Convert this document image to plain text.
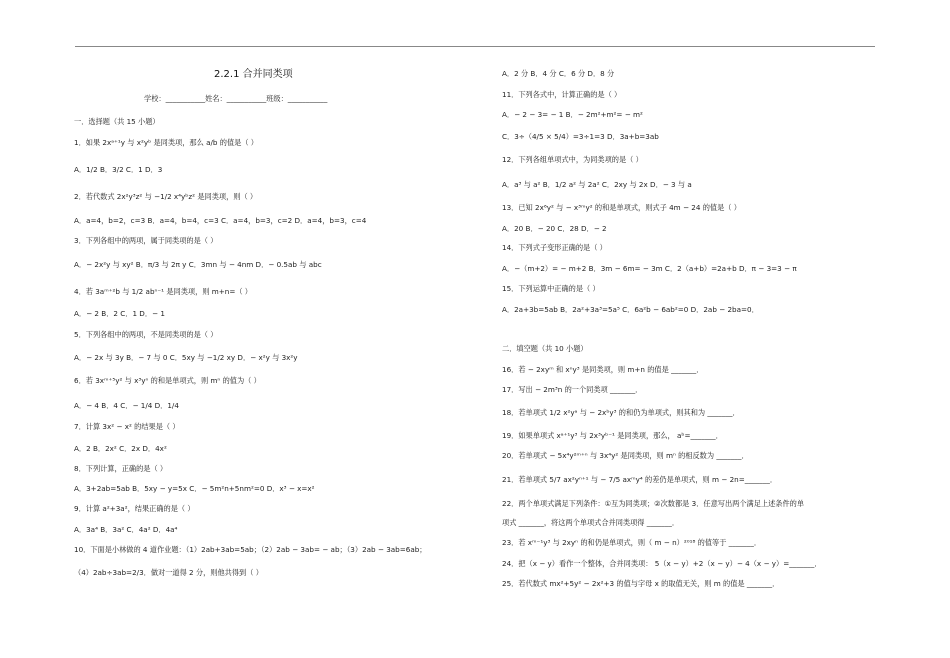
2.2.1 合并同类项
学校：___________姓名：___________班级：___________
一．选择题（共 15 小题）
1．如果 2xᵃ⁺¹y 与 x²yᵇ 是同类项，那么 a/b 的值是（ ）
A．1/2 B．3/2 C．1 D．3
2．若代数式 2x²y³z² 与 −1/2 x⁴yᵇz² 是同类项，则（ ）
A．a=4，b=2，c=3 B．a=4，b=4，c=3 C．a=4，b=3，c=2 D．a=4，b=3，c=4
3．下列各组中的两项，属于同类项的是（ ）
A．− 2x²y 与 xy² B．π/3 与 2π y C．3mn 与 − 4nm D．− 0.5ab 与 abc
4．若 3aᵐ⁺²b 与 1/2 abⁿ⁻¹ 是同类项，则 m+n=（ ）
A．− 2 B．2 C．1 D．− 1
5．下列各组中的两项，不是同类项的是（ ）
A．− 2x 与 3y B．− 7 与 0 C．5xy 与 −1/2 xy D．− x²y 与 3x²y
6．若 3xᵐ⁺⁵y² 与 x³yⁿ 的和是单项式，则 mⁿ 的值为（ ）
A．− 4 B．4 C．− 1/4 D．1/4
7．计算 3x² − x² 的结果是（ ）
A．2 B．2x² C．2x D．4x²
8．下列计算，正确的是（ ）
A．3+2ab=5ab B．5xy − y=5x C．− 5m²n+5nm²=0 D．x³ − x=x²
9．计算 a²+3a²，结果正确的是（ ）
A．3a⁴ B．3a² C．4a² D．4a⁴
10．下面是小林做的 4 道作业题：（1）2ab+3ab=5ab；（2）2ab − 3ab= − ab；（3）2ab − 3ab=6ab；
（4）2ab÷3ab=2/3．做对一道得 2 分，则他共得到（ ）
A．2 分 B．4 分 C．6 分 D．8 分
11．下列各式中，计算正确的是（ ）
A．− 2 − 3= − 1 B．− 2m²+m²= − m²
C．3÷（4/5 × 5/4）=3÷1=3 D．3a+b=3ab
12．下列各组单项式中，为同类项的是（ ）
A．a³ 与 a² B．1/2 a² 与 2a² C．2xy 与 2x D．− 3 与 a
13．已知 2x⁶y² 与 − x³ᵐy² 的和是单项式，则式子 4m − 24 的值是（ ）
A．20 B．− 20 C．28 D．− 2
14．下列式子变形正确的是（ ）
A．−（m+2）= − m+2 B．3m − 6m= − 3m C．2（a+b）=2a+b D．π − 3=3 − π
15．下列运算中正确的是（ ）
A．2a+3b=5ab B．2a²+3a³=5a⁵ C．6a²b − 6ab²=0 D．2ab − 2ba=0．
二．填空题（共 10 小题）
16．若 − 2xyᵐ 和 xⁿy³ 是同类项，则 m+n 的值是 _______．
17．写出 − 2m³n 的一个同类项 _______．
18．若单项式 1/2 x²yᵃ 与 − 2xᵇy³ 的和仍为单项式，则其和为 _______．
19．如果单项式 xᵃ⁺¹y³ 与 2x³yᵇ⁻¹ 是同类项，那么， aᵇ=_______．
20．若单项式 − 5x⁴y²ᵐ⁺ⁿ 与 3x⁴y² 是同类项，则 mⁿ 的相反数为 _______．
21．若单项式 5/7 ax²yⁿ⁺¹ 与 − 7/5 axᵐy⁴ 的差仍是单项式，则 m − 2n=_______．
22．两个单项式满足下列条件：①互为同类项；②次数都是 3．任意写出两个满足上述条件的单
项式 _______，将这两个单项式合并同类项得 _______．
23．若 xᵐ⁻¹y³ 与 2xyⁿ 的和仍是单项式，则（ m − n）²⁰¹⁸ 的值等于 _______．
24．把（x − y）看作一个整体，合并同类项： 5（x − y）+2（x − y）− 4（x − y）=_______．
25．若代数式 mx²+5y² − 2x²+3 的值与字母 x 的取值无关，则 m 的值是 _______．
